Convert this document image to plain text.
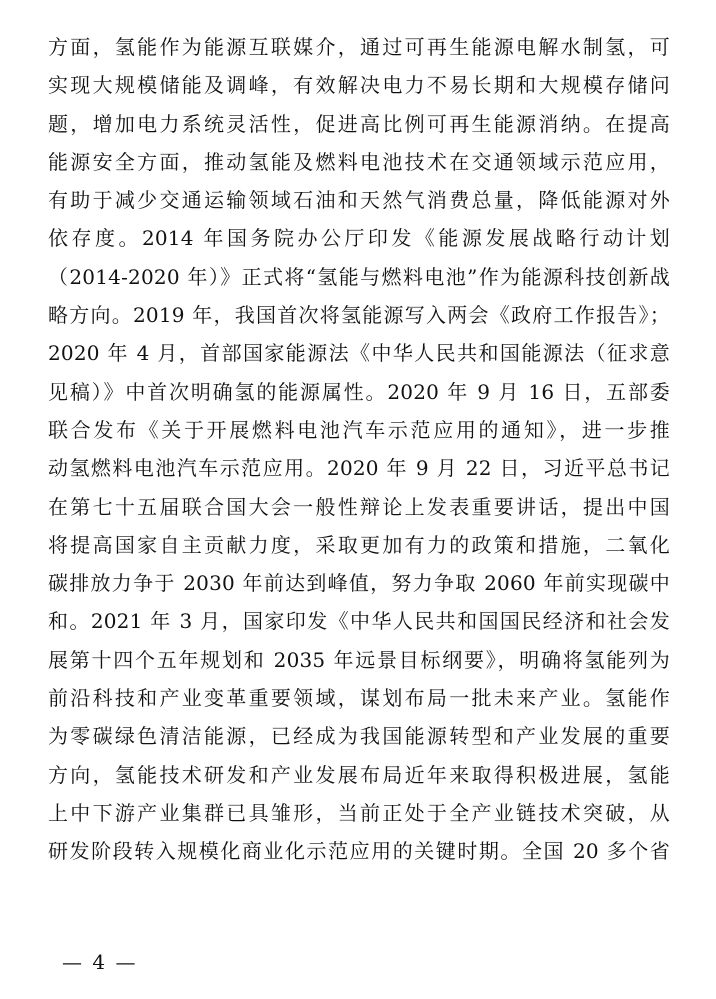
方面，氢能作为能源互联媒介，通过可再生能源电解水制氢，可
实现大规模储能及调峰，有效解决电力不易长期和大规模存储问
题，增加电力系统灵活性，促进高比例可再生能源消纳。在提高
能源安全方面，推动氢能及燃料电池技术在交通领域示范应用，
有助于减少交通运输领域石油和天然气消费总量，降低能源对外
依存度。2014 年国务院办公厅印发《能源发展战略行动计划
（2014-2020 年）》正式将“氢能与燃料电池”作为能源科技创新战
略方向。2019 年，我国首次将氢能源写入两会《政府工作报告》；
2020 年 4 月，首部国家能源法《中华人民共和国能源法（征求意
见稿）》中首次明确氢的能源属性。2020 年 9 月 16 日，五部委
联合发布《关于开展燃料电池汽车示范应用的通知》，进一步推
动氢燃料电池汽车示范应用。2020 年 9 月 22 日，习近平总书记
在第七十五届联合国大会一般性辩论上发表重要讲话，提出中国
将提高国家自主贡献力度，采取更加有力的政策和措施，二氧化
碳排放力争于 2030 年前达到峰值，努力争取 2060 年前实现碳中
和。2021 年 3 月，国家印发《中华人民共和国国民经济和社会发
展第十四个五年规划和 2035 年远景目标纲要》，明确将氢能列为
前沿科技和产业变革重要领域，谋划布局一批未来产业。氢能作
为零碳绿色清洁能源，已经成为我国能源转型和产业发展的重要
方向，氢能技术研发和产业发展布局近年来取得积极进展，氢能
上中下游产业集群已具雏形，当前正处于全产业链技术突破，从
研发阶段转入规模化商业化示范应用的关键时期。全国 20 多个省
— 4 —
